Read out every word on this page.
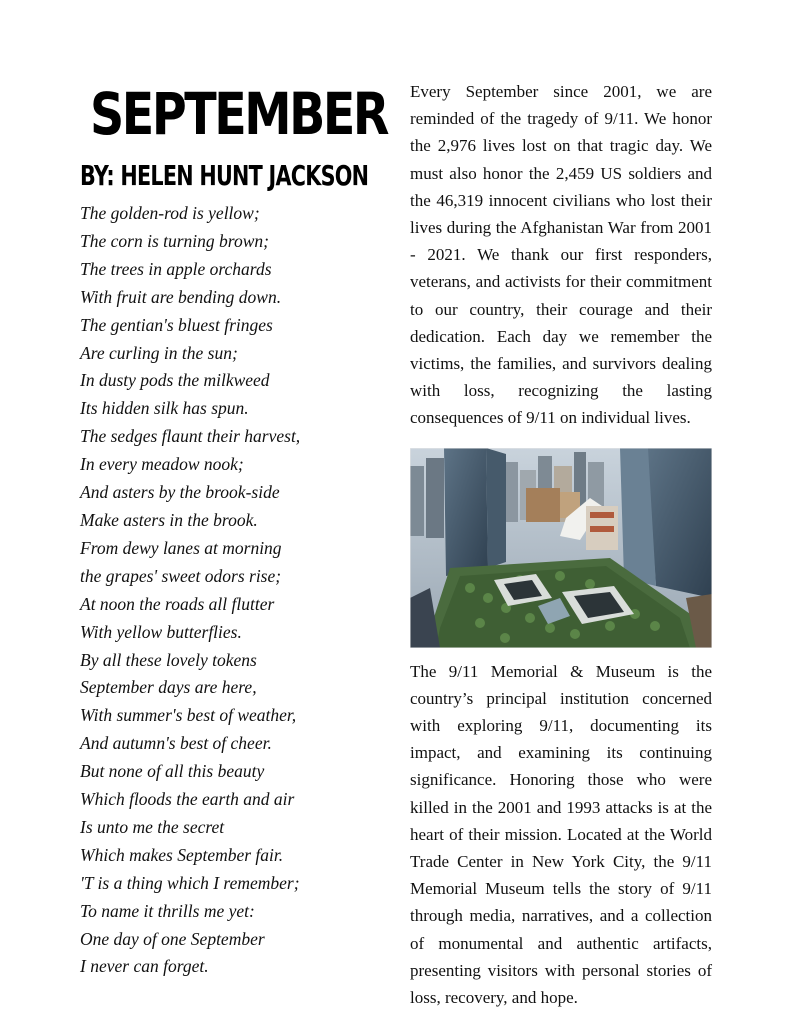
SEPTEMBER
BY: HELEN HUNT JACKSON
The golden-rod is yellow;
The corn is turning brown;
The trees in apple orchards
With fruit are bending down.
The gentian's bluest fringes
Are curling in the sun;
In dusty pods the milkweed
Its hidden silk has spun.
The sedges flaunt their harvest,
In every meadow nook;
And asters by the brook-side
Make asters in the brook.
From dewy lanes at morning
the grapes' sweet odors rise;
At noon the roads all flutter
With yellow butterflies.
By all these lovely tokens
September days are here,
With summer's best of weather,
And autumn's best of cheer.
But none of all this beauty
Which floods the earth and air
Is unto me the secret
Which makes September fair.
'T is a thing which I remember;
To name it thrills me yet:
One day of one September
I never can forget.

Every September since 2001, we are reminded of the tragedy of 9/11. We honor the 2,976 lives lost on that tragic day. We must also honor the 2,459 US soldiers and the 46,319 innocent civilians who lost their lives during the Afghanistan War from 2001 - 2021. We thank our first responders, veterans, and activists for their commitment to our country, their courage and their dedication. Each day we remember the victims, the families, and survivors dealing with loss, recognizing the lasting consequences of 9/11 on individual lives.

The 9/11 Memorial & Museum is the country’s principal institution concerned with exploring 9/11, documenting its impact, and examining its continuing significance. Honoring those who were killed in the 2001 and 1993 attacks is at the heart of their mission. Located at the World Trade Center in New York City, the 9/11 Memorial Museum tells the story of 9/11 through media, narratives, and a collection of monumental and authentic artifacts, presenting visitors with personal stories of loss, recovery, and hope.
